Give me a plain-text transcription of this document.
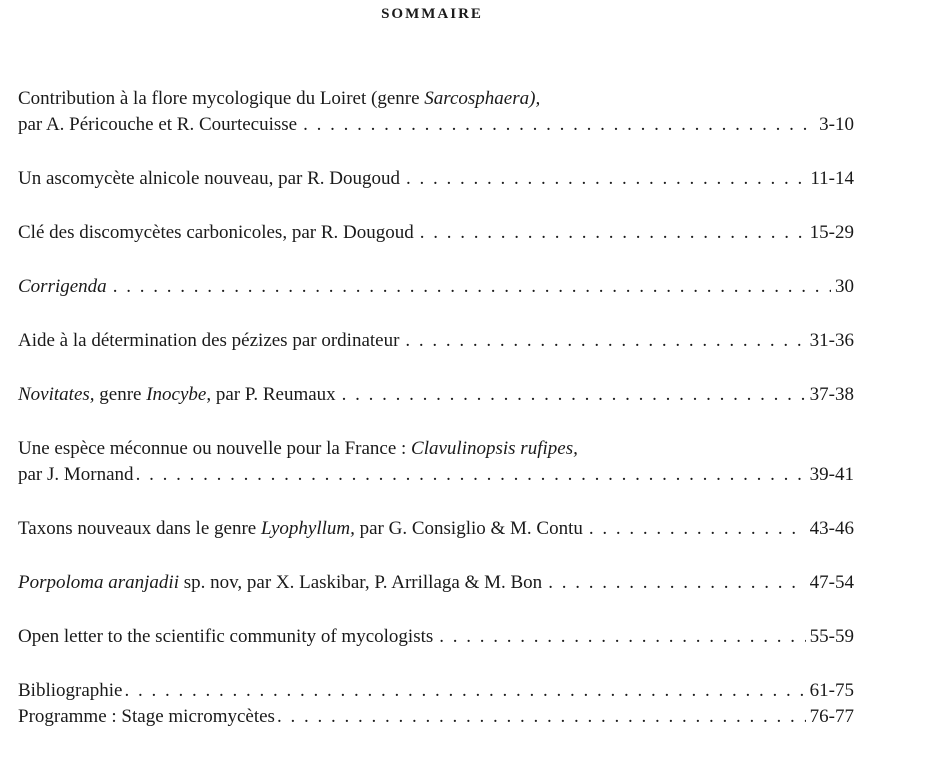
SOMMAIRE
Contribution à la flore mycologique du Loiret (genre Sarcosphaera),
par A. Péricouche et R. Courtecuisse . . .	3-10
Un ascomycète alnicole nouveau, par R. Dougoud . . .	11-14
Clé des discomycètes carbonicoles, par R. Dougoud . . .	15-29
Corrigenda . . .	30
Aide à la détermination des pézizes par ordinateur . . .	31-36
Novitates, genre Inocybe, par P. Reumaux . . .	37-38
Une espèce méconnue ou nouvelle pour la France : Clavulinopsis rufipes,
par J. Mornand . . .	39-41
Taxons nouveaux dans le genre Lyophyllum, par G. Consiglio & M. Contu . . .	43-46
Porpoloma aranjadii sp. nov, par X. Laskibar, P. Arrillaga & M. Bon . . .	47-54
Open letter to the scientific community of mycologists . . .	55-59
Bibliographie . . .	61-75
Programme : Stage micromycètes . . .	76-77
